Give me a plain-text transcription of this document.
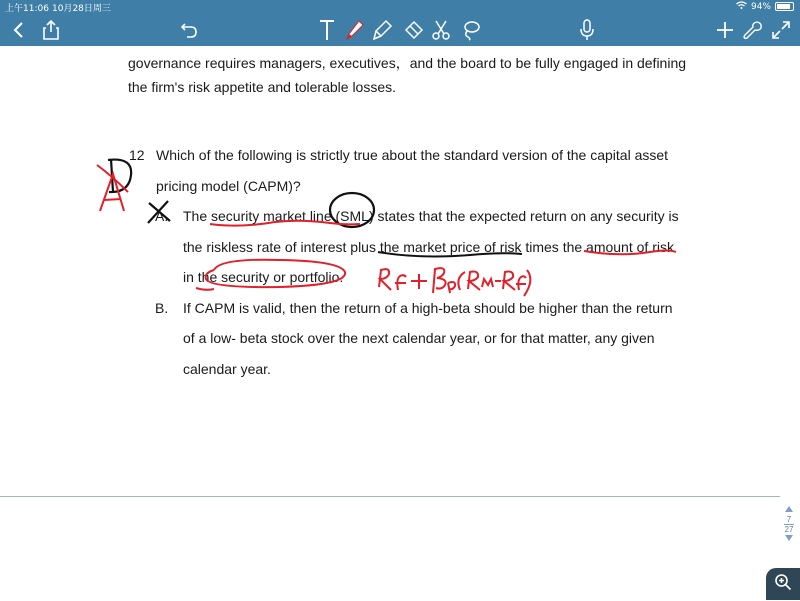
上午11:06 10月28日周三	94%
governance requires managers, executives，and the board to be fully engaged in defining
the firm's risk appetite and tolerable losses.
12 Which of the following is strictly true about the standard version of the capital asset
pricing model (CAPM)?
A. The security market line (SML) states that the expected return on any security is
the riskless rate of interest plus the market price of risk times the amount of risk
in the security or portfolio.
B. If CAPM is valid, then the return of a high-beta should be higher than the return
of a low- beta stock over the next calendar year, or for that matter, any given
calendar year.
7
27
